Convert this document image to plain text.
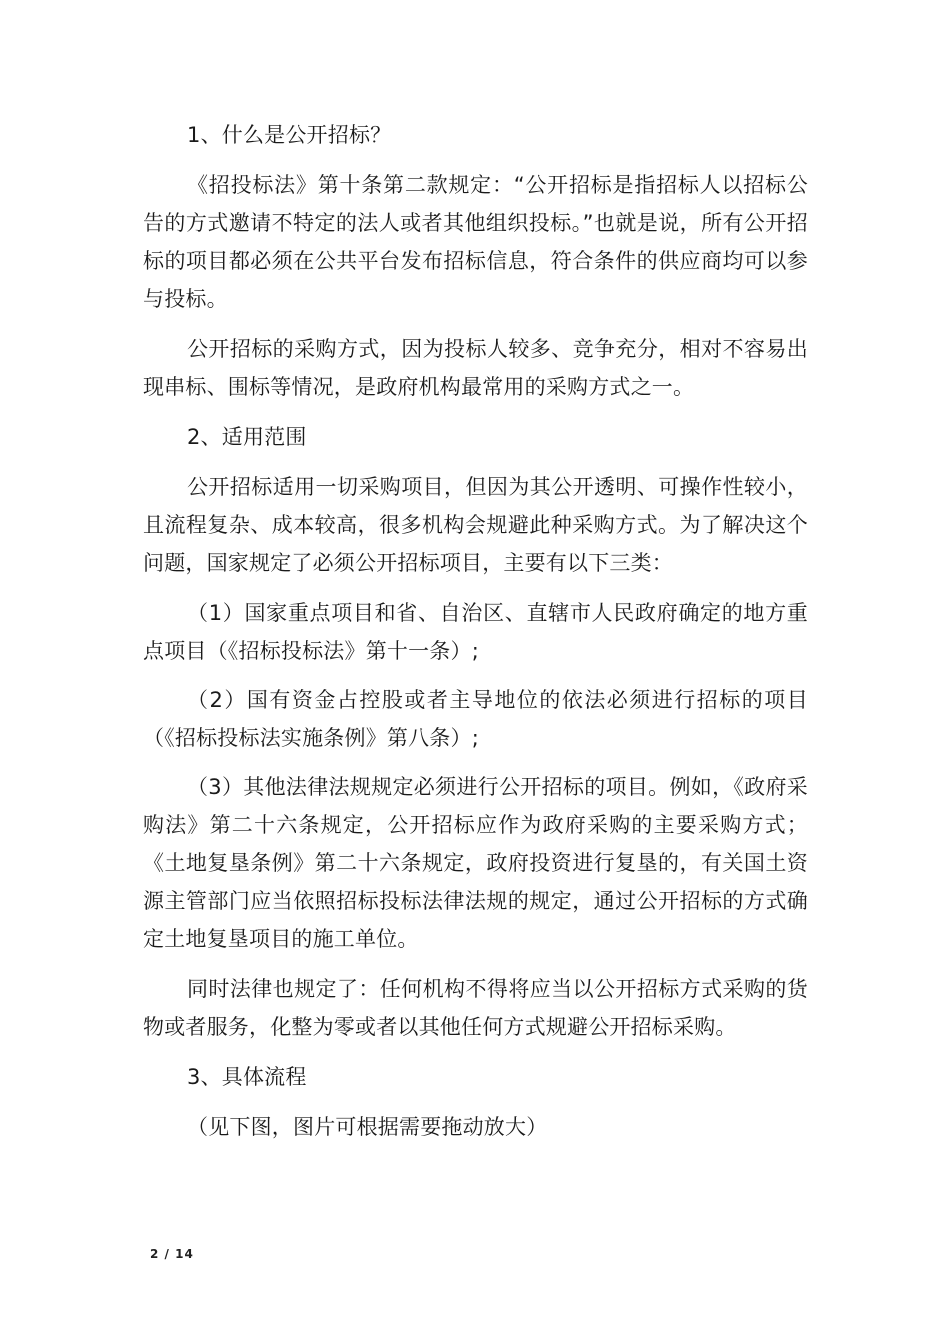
1、什么是公开招标？

《招投标法》第十条第二款规定：“公开招标是指招标人以招标公告的方式邀请不特定的法人或者其他组织投标。”也就是说，所有公开招标的项目都必须在公共平台发布招标信息，符合条件的供应商均可以参与投标。

公开招标的采购方式，因为投标人较多、竞争充分，相对不容易出现串标、围标等情况，是政府机构最常用的采购方式之一。

2、适用范围

公开招标适用一切采购项目，但因为其公开透明、可操作性较小，且流程复杂、成本较高，很多机构会规避此种采购方式。为了解决这个问题，国家规定了必须公开招标项目，主要有以下三类：

（1）国家重点项目和省、自治区、直辖市人民政府确定的地方重点项目（《招标投标法》第十一条）;

（2）国有资金占控股或者主导地位的依法必须进行招标的项目（《招标投标法实施条例》第八条）;

（3）其他法律法规规定必须进行公开招标的项目。例如，《政府采购法》第二十六条规定，公开招标应作为政府采购的主要采购方式；《土地复垦条例》第二十六条规定，政府投资进行复垦的，有关国土资源主管部门应当依照招标投标法律法规的规定，通过公开招标的方式确定土地复垦项目的施工单位。

同时法律也规定了：任何机构不得将应当以公开招标方式采购的货物或者服务，化整为零或者以其他任何方式规避公开招标采购。

3、具体流程

（见下图，图片可根据需要拖动放大）

2 / 14
